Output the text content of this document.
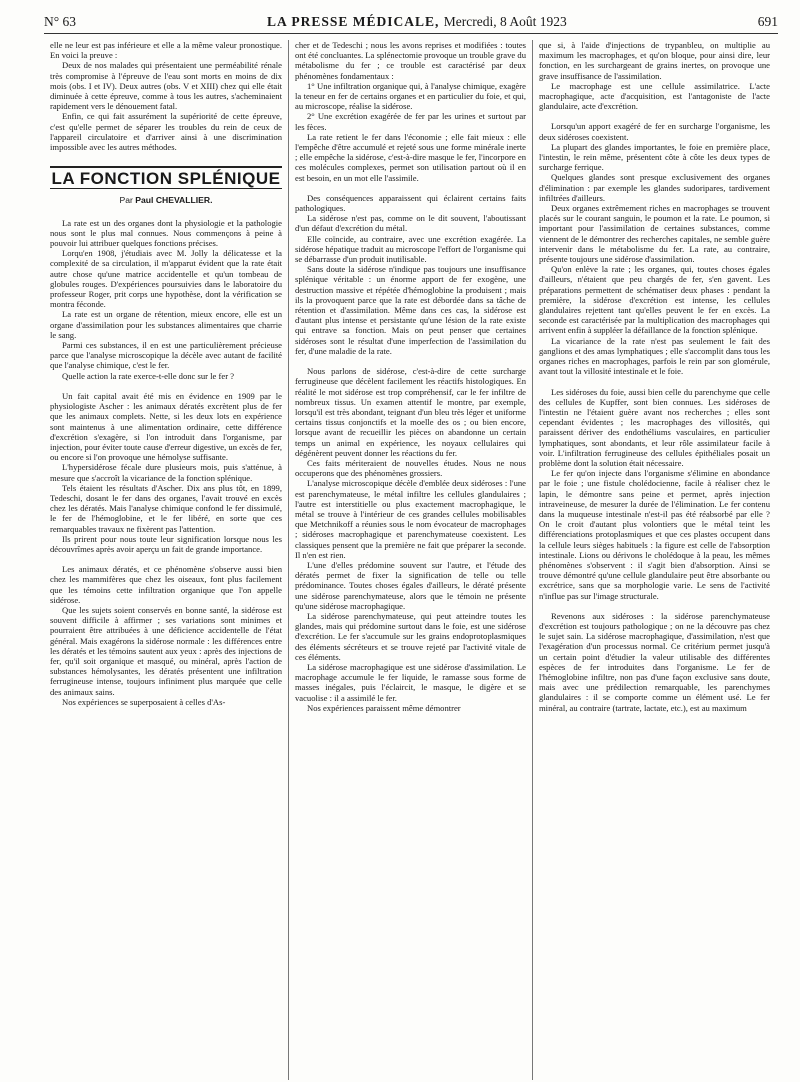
N° 63	LA PRESSE MÉDICALE, Mercredi, 8 Août 1923	691

elle ne leur est pas inférieure et elle a la même valeur pronostique. En voici la preuve :

Deux de nos malades qui présentaient une perméabilité rénale très compromise à l'épreuve de l'eau sont morts en moins de dix mois (obs. I et IV). Deux autres (obs. V et XIII) chez qui elle était diminuée à cette épreuve, comme à tous les autres, s'acheminaient rapidement vers le dénouement fatal.

Enfin, ce qui fait assurément la supériorité de cette épreuve, c'est qu'elle permet de séparer les troubles du rein de ceux de l'appareil circulatoire et d'arriver ainsi à une discrimination impossible avec les autres méthodes.

LA FONCTION SPLÉNIQUE
Par Paul CHEVALLIER.

La rate est un des organes dont la physiologie et la pathologie nous sont le plus mal connues. Nous commençons à peine à pouvoir lui attribuer quelques fonctions précises.

Lorqu'en 1908, j'étudiais avec M. Jolly la délicatesse et la complexité de sa circulation, il m'apparut évident que la rate était autre chose qu'une matrice accidentelle et qu'un tombeau de globules rouges. D'expériences poursuivies dans le laboratoire du professeur Roger, prit corps une hypothèse, dont la vérification se montra féconde.

La rate est un organe de rétention, mieux encore, elle est un organe d'assimilation pour les substances alimentaires que charrie le sang.

Parmi ces substances, il en est une particulièrement précieuse parce que l'analyse microscopique la décèle avec autant de facilité que l'analyse chimique, c'est le fer.

Quelle action la rate exerce-t-elle donc sur le fer ?

Un fait capital avait été mis en évidence en 1909 par le physiologiste Ascher : les animaux dératés excrètent plus de fer que les animaux complets. Nette, si les deux lots en expérience sont maintenus à une alimentation ordinaire, cette différence d'excrétion s'exagère, si l'on introduit dans l'organisme, par injection, pour éviter toute cause d'erreur digestive, un excès de fer, ou encore si l'on provoque une hémolyse suffisante.

L'hypersidérose fécale dure plusieurs mois, puis s'atténue, à mesure que s'accroît la vicariance de la fonction splénique.

Tels étaient les résultats d'Ascher. Dix ans plus tôt, en 1899, Tedeschi, dosant le fer dans des organes, l'avait trouvé en excès chez les dératés. Mais l'analyse chimique confond le fer dissimulé, le fer de l'hémoglobine, et le fer libéré, en sorte que ces remarquables travaux ne fixèrent pas l'attention.

Ils prirent pour nous toute leur signification lorsque nous les découvrîmes après avoir aperçu un fait de grande importance.

Les animaux dératés, et ce phénomène s'observe aussi bien chez les mammifères que chez les oiseaux, font plus facilement que les témoins cette infiltration organique que l'on appelle sidérose.

Que les sujets soient conservés en bonne santé, la sidérose est souvent difficile à affirmer ; ses variations sont minimes et pourraient être attribuées à une déficience accidentelle de l'état général. Mais exagérons la sidérose normale : les différences entre les dératés et les témoins sautent aux yeux : après des injections de fer, qu'il soit organique et masqué, ou minéral, après l'action de substances hémolysantes, les dératés présentent une infiltration ferrugineuse intense, toujours infiniment plus marquée que celle des animaux sains.

Nos expériences se superposaient à celles d'As-

cher et de Tedeschi ; nous les avons reprises et modifiées : toutes ont été concluantes. La splénectomie provoque un trouble grave du métabolisme du fer ; ce trouble est caractérisé par deux phénomènes fondamentaux :

1° Une infiltration organique qui, à l'analyse chimique, exagère la teneur en fer de certains organes et en particulier du foie, et qui, au microscope, réalise la sidérose.

2° Une excrétion exagérée de fer par les urines et surtout par les fèces.

La rate retient le fer dans l'économie ; elle fait mieux : elle l'empêche d'être accumulé et rejeté sous une forme minérale inerte ; elle empêche la sidérose, c'est-à-dire masque le fer, l'incorpore en ces molécules complexes, permet son utilisation partout où il en est besoin, en un mot elle l'assimile.

Des conséquences apparaissent qui éclairent certains faits pathologiques.

La sidérose n'est pas, comme on le dit souvent, l'aboutissant d'un défaut d'excrétion du métal.

Elle coïncide, au contraire, avec une excrétion exagérée. La sidérose hépatique traduit au microscope l'effort de l'organisme qui se débarrasse d'un produit inutilisable.

Sans doute la sidérose n'indique pas toujours une insuffisance splénique véritable : un énorme apport de fer exogène, une destruction massive et répétée d'hémoglobine la produisent ; mais ils la provoquent parce que la rate est débordée dans sa tâche de rétention et d'assimilation. Même dans ces cas, la sidérose est d'autant plus intense et persistante qu'une lésion de la rate existe qui entrave sa fonction. Mais on peut penser que certaines sidéroses sont le résultat d'une imperfection de l'assimilation du fer, d'une maladie de la rate.

Nous parlons de sidérose, c'est-à-dire de cette surcharge ferrugineuse que décèlent facilement les réactifs histologiques. En réalité le mot sidérose est trop compréhensif, car le fer infiltre de nombreux tissus. Un examen attentif le montre, par exemple, lorsqu'il est très abondant, teignant d'un bleu très léger et uniforme certains tissus conjonctifs et la moelle des os ; ou bien encore, lorsque avant de recueillir les pièces on abandonne un certain temps un animal en expérience, les noyaux cellulaires qui dégénèrent peuvent donner les réactions du fer.

Ces faits mériteraient de nouvelles études. Nous ne nous occuperons que des phénomènes grossiers.

L'analyse microscopique décèle d'emblée deux sidéroses : l'une est parenchymateuse, le métal infiltre les cellules glandulaires ; l'autre est interstitielle ou plus exactement macrophagique, le métal se trouve à l'intérieur de ces grandes cellules mobilisables que Metchnikoff a réunies sous le nom évocateur de macrophages ; sidéroses macrophagique et parenchymateuse coexistent. Les classiques pensent que la première ne fait que préparer la seconde. Il n'en est rien.

L'une d'elles prédomine souvent sur l'autre, et l'étude des dératés permet de fixer la signification de telle ou telle prédominance. Toutes choses égales d'ailleurs, le dératé présente une sidérose parenchymateuse, alors que le témoin ne présente qu'une sidérose macrophagique.

La sidérose parenchymateuse, qui peut atteindre toutes les glandes, mais qui prédomine surtout dans le foie, est une sidérose d'excrétion. Le fer s'accumule sur les grains endoprotoplasmiques des éléments sécréteurs et se trouve rejeté par l'activité vitale de ces éléments.

La sidérose macrophagique est une sidérose d'assimilation. Le macrophage accumule le fer liquide, le ramasse sous forme de masses inégales, puis l'éclaircit, le masque, le digère et se vacuolise : il a assimilé le fer.

Nos expériences paraissent même démontrer

que si, à l'aide d'injections de trypanbleu, on multiplie au maximum les macrophages, et qu'on bloque, pour ainsi dire, leur fonction, en les surchargeant de grains inertes, on provoque une grave insuffisance de l'assimilation.

Le macrophage est une cellule assimilatrice. L'acte macrophagique, acte d'acquisition, est l'antagoniste de l'acte glandulaire, acte d'excrétion.

Lorsqu'un apport exagéré de fer en surcharge l'organisme, les deux sidéroses coexistent.

La plupart des glandes importantes, le foie en première place, l'intestin, le rein même, présentent côte à côte les deux types de surcharge ferrique.

Quelques glandes sont presque exclusivement des organes d'élimination : par exemple les glandes sudoripares, tardivement infiltrées d'ailleurs.

Deux organes extrêmement riches en macrophages se trouvent placés sur le courant sanguin, le poumon et la rate. Le poumon, si important pour l'assimilation de certaines substances, comme viennent de le démontrer des recherches capitales, ne semble guère intervenir dans le métabolisme du fer. La rate, au contraire, présente toujours une sidérose d'assimilation.

Qu'on enlève la rate ; les organes, qui, toutes choses égales d'ailleurs, n'étaient que peu chargés de fer, s'en gavent. Les préparations permettent de schématiser deux phases : pendant la première, la sidérose d'excrétion est intense, les cellules glandulaires rejettent tant qu'elles peuvent le fer en excès. La seconde est caractérisée par la multiplication des macrophages qui arrivent enfin à suppléer la défaillance de la fonction splénique.

La vicariance de la rate n'est pas seulement le fait des ganglions et des amas lymphatiques ; elle s'accomplit dans tous les organes riches en macrophages, parfois le rein par son glomérule, avant tout la villosité intestinale et le foie.

Les sidéroses du foie, aussi bien celle du parenchyme que celle des cellules de Kupffer, sont bien connues. Les sidéroses de l'intestin ne l'étaient guère avant nos recherches ; elles sont cependant évidentes ; les macrophages des villosités, qui paraissent dériver des endothéliums vasculaires, en particulier lymphatiques, sont abondants, et leur rôle assimilateur facile à voir. L'infiltration ferrugineuse des cellules épithéliales posait un problème dont la solution était nécessaire.

Le fer qu'on injecte dans l'organisme s'élimine en abondance par le foie ; une fistule cholédocienne, facile à réaliser chez le lapin, le démontre sans peine et permet, après injection intraveineuse, de mesurer la durée de l'élimination. Le fer contenu dans la muqueuse intestinale n'est-il pas été réabsorbé par elle ? On le croit d'autant plus volontiers que le métal teint les différenciations protoplasmiques et que ces plastes occupent dans la cellule leurs sièges habituels : la figure est celle de l'absorption intestinale. Lions ou dérivons le cholédoque à la peau, les mêmes phénomènes s'observent : il s'agit bien d'absorption. Ainsi se trouve démontré qu'une cellule glandulaire peut être absorbante ou excrétrice, sans que sa morphologie varie. Le sens de l'activité n'influe pas sur l'image structurale.

Revenons aux sidéroses : la sidérose parenchymateuse d'excrétion est toujours pathologique ; on ne la découvre pas chez le sujet sain. La sidérose macrophagique, d'assimilation, n'est que l'exagération d'un processus normal. Ce critérium permet jusqu'à un certain point d'étudier la valeur utilisable des différentes espèces de fer introduites dans l'organisme. Le fer de l'hémoglobine infiltre, non pas d'une façon exclusive sans doute, mais avec une prédilection remarquable, les parenchymes glandulaires : il se comporte comme un élément usé. Le fer minéral, au contraire (tartrate, lactate, etc.), est au maximum
